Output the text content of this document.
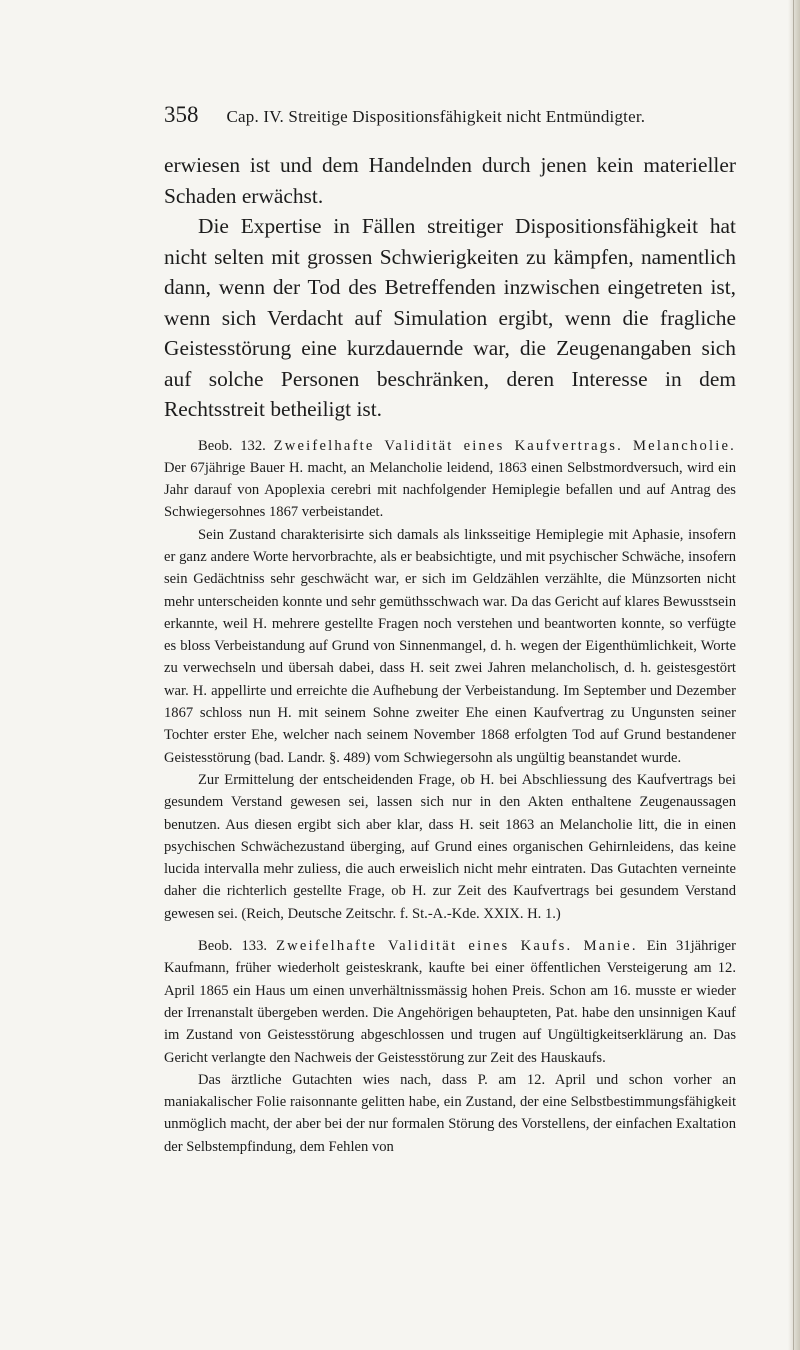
358 Cap. IV. Streitige Dispositionsfähigkeit nicht Entmündigter.

erwiesen ist und dem Handelnden durch jenen kein materieller Schaden erwächst.

Die Expertise in Fällen streitiger Dispositionsfähigkeit hat nicht selten mit grossen Schwierigkeiten zu kämpfen, namentlich dann, wenn der Tod des Betreffenden inzwischen eingetreten ist, wenn sich Verdacht auf Simulation ergibt, wenn die fragliche Geistesstörung eine kurzdauernde war, die Zeugenangaben sich auf solche Personen beschränken, deren Interesse in dem Rechtsstreit betheiligt ist.

Beob. 132. Zweifelhafte Validität eines Kaufvertrags. Melancholie. Der 67jährige Bauer H. macht, an Melancholie leidend, 1863 einen Selbstmordversuch, wird ein Jahr darauf von Apoplexia cerebri mit nachfolgender Hemiplegie befallen und auf Antrag des Schwiegersohnes 1867 verbeistandet.

Sein Zustand charakterisirte sich damals als linksseitige Hemiplegie mit Aphasie, insofern er ganz andere Worte hervorbrachte, als er beabsichtigte, und mit psychischer Schwäche, insofern sein Gedächtniss sehr geschwächt war, er sich im Geldzählen verzählte, die Münzsorten nicht mehr unterscheiden konnte und sehr gemüthsschwach war. Da das Gericht auf klares Bewusstsein erkannte, weil H. mehrere gestellte Fragen noch verstehen und beantworten konnte, so verfügte es bloss Verbeistandung auf Grund von Sinnenmangel, d. h. wegen der Eigenthümlichkeit, Worte zu verwechseln und übersah dabei, dass H. seit zwei Jahren melancholisch, d. h. geistesgestört war. H. appellirte und erreichte die Aufhebung der Verbeistandung. Im September und Dezember 1867 schloss nun H. mit seinem Sohne zweiter Ehe einen Kaufvertrag zu Ungunsten seiner Tochter erster Ehe, welcher nach seinem November 1868 erfolgten Tod auf Grund bestandener Geistesstörung (bad. Landr. §. 489) vom Schwiegersohn als ungültig beanstandet wurde.

Zur Ermittelung der entscheidenden Frage, ob H. bei Abschliessung des Kaufvertrags bei gesundem Verstand gewesen sei, lassen sich nur in den Akten enthaltene Zeugenaussagen benutzen. Aus diesen ergibt sich aber klar, dass H. seit 1863 an Melancholie litt, die in einen psychischen Schwächezustand überging, auf Grund eines organischen Gehirnleidens, das keine lucida intervalla mehr zuliess, die auch erweislich nicht mehr eintraten. Das Gutachten verneinte daher die richterlich gestellte Frage, ob H. zur Zeit des Kaufvertrags bei gesundem Verstand gewesen sei. (Reich, Deutsche Zeitschr. f. St.-A.-Kde. XXIX. H. 1.)

Beob. 133. Zweifelhafte Validität eines Kaufs. Manie. Ein 31jähriger Kaufmann, früher wiederholt geisteskrank, kaufte bei einer öffentlichen Versteigerung am 12. April 1865 ein Haus um einen unverhältnissmässig hohen Preis. Schon am 16. musste er wieder der Irrenanstalt übergeben werden. Die Angehörigen behaupteten, Pat. habe den unsinnigen Kauf im Zustand von Geistesstörung abgeschlossen und trugen auf Ungültigkeitserklärung an. Das Gericht verlangte den Nachweis der Geistesstörung zur Zeit des Hauskaufs.

Das ärztliche Gutachten wies nach, dass P. am 12. April und schon vorher an maniakalischer Folie raisonnante gelitten habe, ein Zustand, der eine Selbstbestimmungsfähigkeit unmöglich macht, der aber bei der nur formalen Störung des Vorstellens, der einfachen Exaltation der Selbstempfindung, dem Fehlen von
